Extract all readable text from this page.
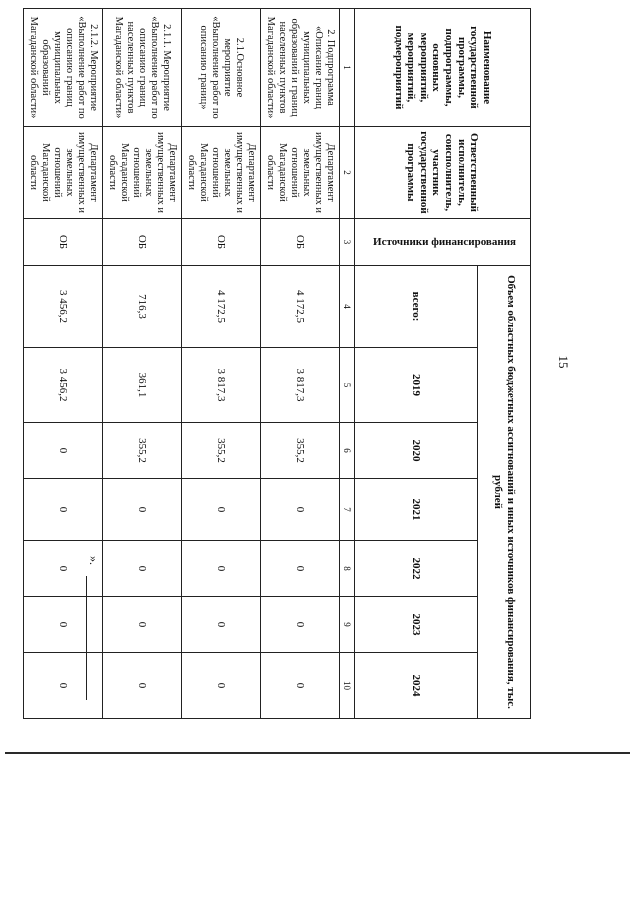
15
Наименование государственной программы, подпрограммы, основных мероприятий, мероприятий, подмероприятий	Ответственный исполнитель, соисполнитель, участник государственной программы	Источники финансирования	Объем областных бюджетных ассигнований и иных источников финансирования, тыс. рублей						
			всего:	2019	2020	2021	2022	2023	2024
1	2	3	4	5	6	7	8	9	10
2. Подпрограмма «Описание границ муниципальных образований и границ населенных пунктов Магаданской области»	Департамент имущественных и земельных отношений Магаданской области	ОБ	4 172,5	3 817,3	355,2	0	0	0	0
2.1.Основное мероприятие «Выполнение работ по описанию границ»	Департамент имущественных и земельных отношений Магаданской области	ОБ	4 172,5	3 817,3	355,2	0	0	0	0
2.1.1. Мероприятие «Выполнение работ по описанию границ населенных пунктов Магаданской области»	Департамент имущественных и земельных отношений Магаданской области	ОБ	716,3	361,1	355,2	0	0	0	0
2.1.2. Мероприятие «Выполнение работ по описанию границ муниципальных образований Магаданской области»	Департамент имущественных и земельных отношений Магаданской области	ОБ	3 456,2	3 456,2	0	0	0	0	0
».
